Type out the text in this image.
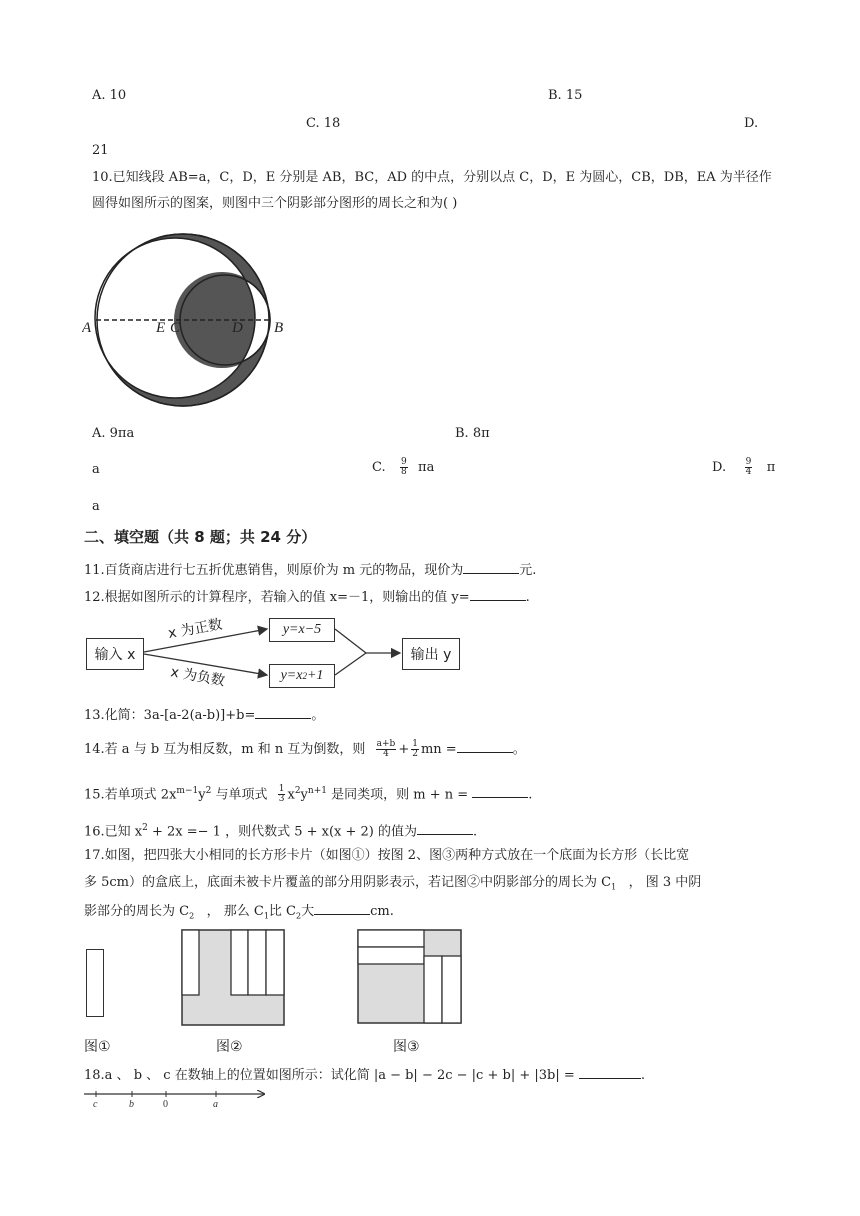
A. 10	B. 15
C. 18	D.
21
10.已知线段 AB=a，C，D，E 分别是 AB，BC，AD 的中点，分别以点 C，D，E 为圆心，CB，DB，EA 为半径作
圆得如图所示的图案，则图中三个阴影部分图形的周长之和为( )
A	E C	D B
A. 9πa	B. 8π
a	C. $\frac{9}{8}$ πa	D. $\frac{9}{4}$ π
a
二、填空题（共 8 题；共 24 分）
11.百货商店进行七五折优惠销售，则原价为 m 元的物品，现价为	元.
12.根据如图所示的计算程序，若输入的值 x=－1，则输出的值 y=	.
输入 x
y=x−5
y=x 2 +1
输出 y
x 为正数
x 为负数
13.化简：3a-[a-2(a-b)]+b=	。
14.若 a 与 b 互为相反数，m 和 n 互为倒数，则 $\frac{a+b}{4} + \frac{1}{2}$ mn =	。
15.若单项式 $2x^{m-1}y^2$ 与单项式 $\frac{1}{3} x^2y^{n+1}$ 是同类项，则 m + n =	.
16.已知 $x^2 + 2x =- 1$ ，则代数式 5 + x(x + 2) 的值为	.
17.如图，把四张大小相同的长方形卡片（如图①）按图 2、图③两种方式放在一个底面为长方形（长比宽
多 5cm）的盒底上，底面未被卡片覆盖的部分用阴影表示，若记图②中阴影部分的周长为 $C_1$ ， 图 3 中阴
影部分的周长为 $C_2$ ， 那么 $C_1$比 $C_2$大	cm.
图①	图②	图③
18.a 、 b 、 c 在数轴上的位置如图所示：试化简 |a − b| − 2c − |c + b| + |3b| =	.
c	b	0	a
